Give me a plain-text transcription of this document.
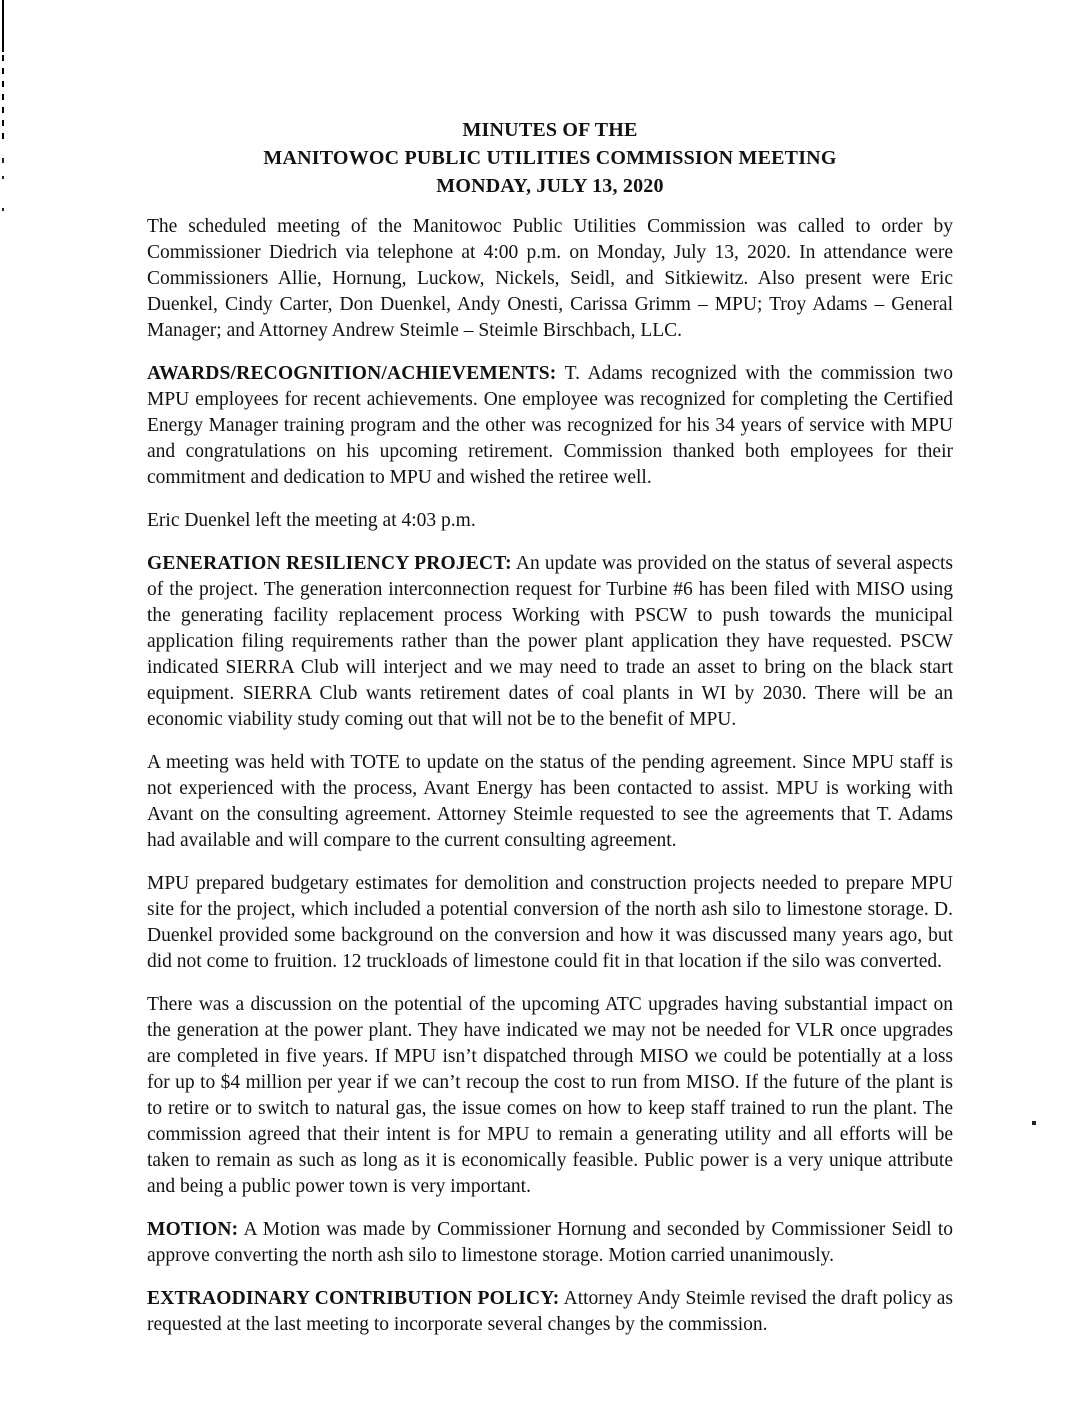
MINUTES OF THE
MANITOWOC PUBLIC UTILITIES COMMISSION MEETING
MONDAY, JULY 13, 2020

The scheduled meeting of the Manitowoc Public Utilities Commission was called to order by Commissioner Diedrich via telephone at 4:00 p.m. on Monday, July 13, 2020. In attendance were Commissioners Allie, Hornung, Luckow, Nickels, Seidl, and Sitkiewitz. Also present were Eric Duenkel, Cindy Carter, Don Duenkel, Andy Onesti, Carissa Grimm – MPU; Troy Adams – General Manager; and Attorney Andrew Steimle – Steimle Birschbach, LLC.

AWARDS/RECOGNITION/ACHIEVEMENTS: T. Adams recognized with the commission two MPU employees for recent achievements. One employee was recognized for completing the Certified Energy Manager training program and the other was recognized for his 34 years of service with MPU and congratulations on his upcoming retirement. Commission thanked both employees for their commitment and dedication to MPU and wished the retiree well.

Eric Duenkel left the meeting at 4:03 p.m.

GENERATION RESILIENCY PROJECT: An update was provided on the status of several aspects of the project. The generation interconnection request for Turbine #6 has been filed with MISO using the generating facility replacement process Working with PSCW to push towards the municipal application filing requirements rather than the power plant application they have requested. PSCW indicated SIERRA Club will interject and we may need to trade an asset to bring on the black start equipment. SIERRA Club wants retirement dates of coal plants in WI by 2030. There will be an economic viability study coming out that will not be to the benefit of MPU.

A meeting was held with TOTE to update on the status of the pending agreement. Since MPU staff is not experienced with the process, Avant Energy has been contacted to assist. MPU is working with Avant on the consulting agreement. Attorney Steimle requested to see the agreements that T. Adams had available and will compare to the current consulting agreement.

MPU prepared budgetary estimates for demolition and construction projects needed to prepare MPU site for the project, which included a potential conversion of the north ash silo to limestone storage. D. Duenkel provided some background on the conversion and how it was discussed many years ago, but did not come to fruition. 12 truckloads of limestone could fit in that location if the silo was converted.

There was a discussion on the potential of the upcoming ATC upgrades having substantial impact on the generation at the power plant. They have indicated we may not be needed for VLR once upgrades are completed in five years. If MPU isn’t dispatched through MISO we could be potentially at a loss for up to $4 million per year if we can’t recoup the cost to run from MISO. If the future of the plant is to retire or to switch to natural gas, the issue comes on how to keep staff trained to run the plant. The commission agreed that their intent is for MPU to remain a generating utility and all efforts will be taken to remain as such as long as it is economically feasible. Public power is a very unique attribute and being a public power town is very important.

MOTION: A Motion was made by Commissioner Hornung and seconded by Commissioner Seidl to approve converting the north ash silo to limestone storage. Motion carried unanimously.

EXTRAODINARY CONTRIBUTION POLICY: Attorney Andy Steimle revised the draft policy as requested at the last meeting to incorporate several changes by the commission.
